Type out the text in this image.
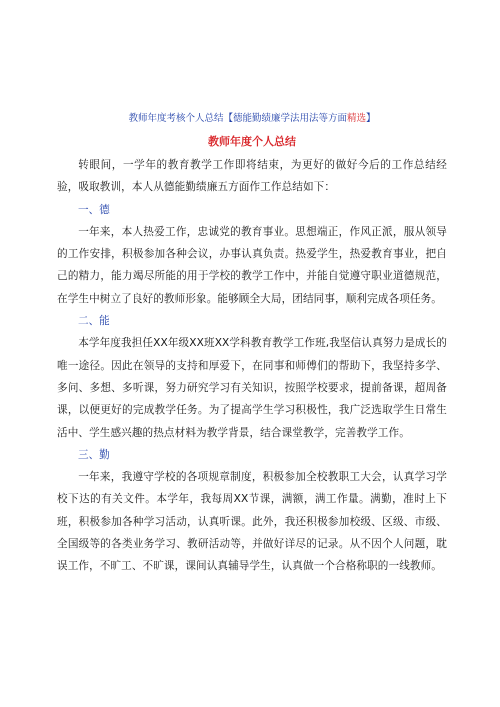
教师年度考核个人总结【德能勤绩廉学法用法等方面精选】

教师年度个人总结

转眼间，一学年的教育教学工作即将结束，为更好的做好今后的工作总结经验，吸取教训，本人从德能勤绩廉五方面作工作总结如下：

一、德

一年来，本人热爱工作，忠诚党的教育事业。思想端正，作风正派，服从领导的工作安排，积极参加各种会议，办事认真负责。热爱学生，热爱教育事业，把自己的精力，能力竭尽所能的用于学校的教学工作中，并能自觉遵守职业道德规范，在学生中树立了良好的教师形象。能够顾全大局，团结同事，顺利完成各项任务。

二、能

本学年度我担任XX年级XX班XX学科教育教学工作班,我坚信认真努力是成长的唯一途径。因此在领导的支持和厚爱下，在同事和师傅们的帮助下，我坚持多学、多问、多想、多听课，努力研究学习有关知识，按照学校要求，提前备课，超周备课，以便更好的完成教学任务。为了提高学生学习积极性，我广泛选取学生日常生活中、学生感兴趣的热点材料为教学背景，结合课堂教学，完善教学工作。

三、勤

一年来，我遵守学校的各项规章制度，积极参加全校教职工大会，认真学习学校下达的有关文件。本学年，我每周XX节课，满额，满工作量。满勤，准时上下班，积极参加各种学习活动，认真听课。此外，我还积极参加校级、区级、市级、全国级等的各类业务学习、教研活动等，并做好详尽的记录。从不因个人问题，耽误工作，不旷工、不旷课，课间认真辅导学生，认真做一个合格称职的一线教师。
